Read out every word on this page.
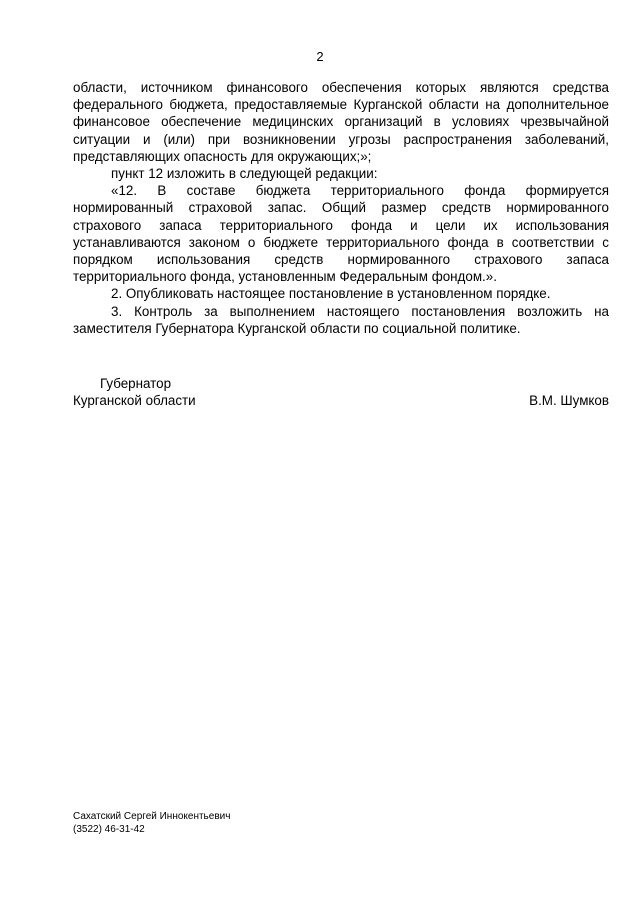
2

области, источником финансового обеспечения которых являются средства федерального бюджета, предоставляемые Курганской области на дополнительное финансовое обеспечение медицинских организаций в условиях чрезвычайной ситуации и (или) при возникновении угрозы распространения заболеваний, представляющих опасность для окружающих;»;

пункт 12 изложить в следующей редакции:

«12. В составе бюджета территориального фонда формируется нормированный страховой запас. Общий размер средств нормированного страхового запаса территориального фонда и цели их использования устанавливаются законом о бюджете территориального фонда в соответствии с порядком использования средств нормированного страхового запаса территориального фонда, установленным Федеральным фондом.».

2. Опубликовать настоящее постановление в установленном порядке.

3. Контроль за выполнением настоящего постановления возложить на заместителя Губернатора Курганской области по социальной политике.

Губернатор
Курганской области	В.М. Шумков
Сахатский Сергей Иннокентьевич
(3522) 46-31-42
